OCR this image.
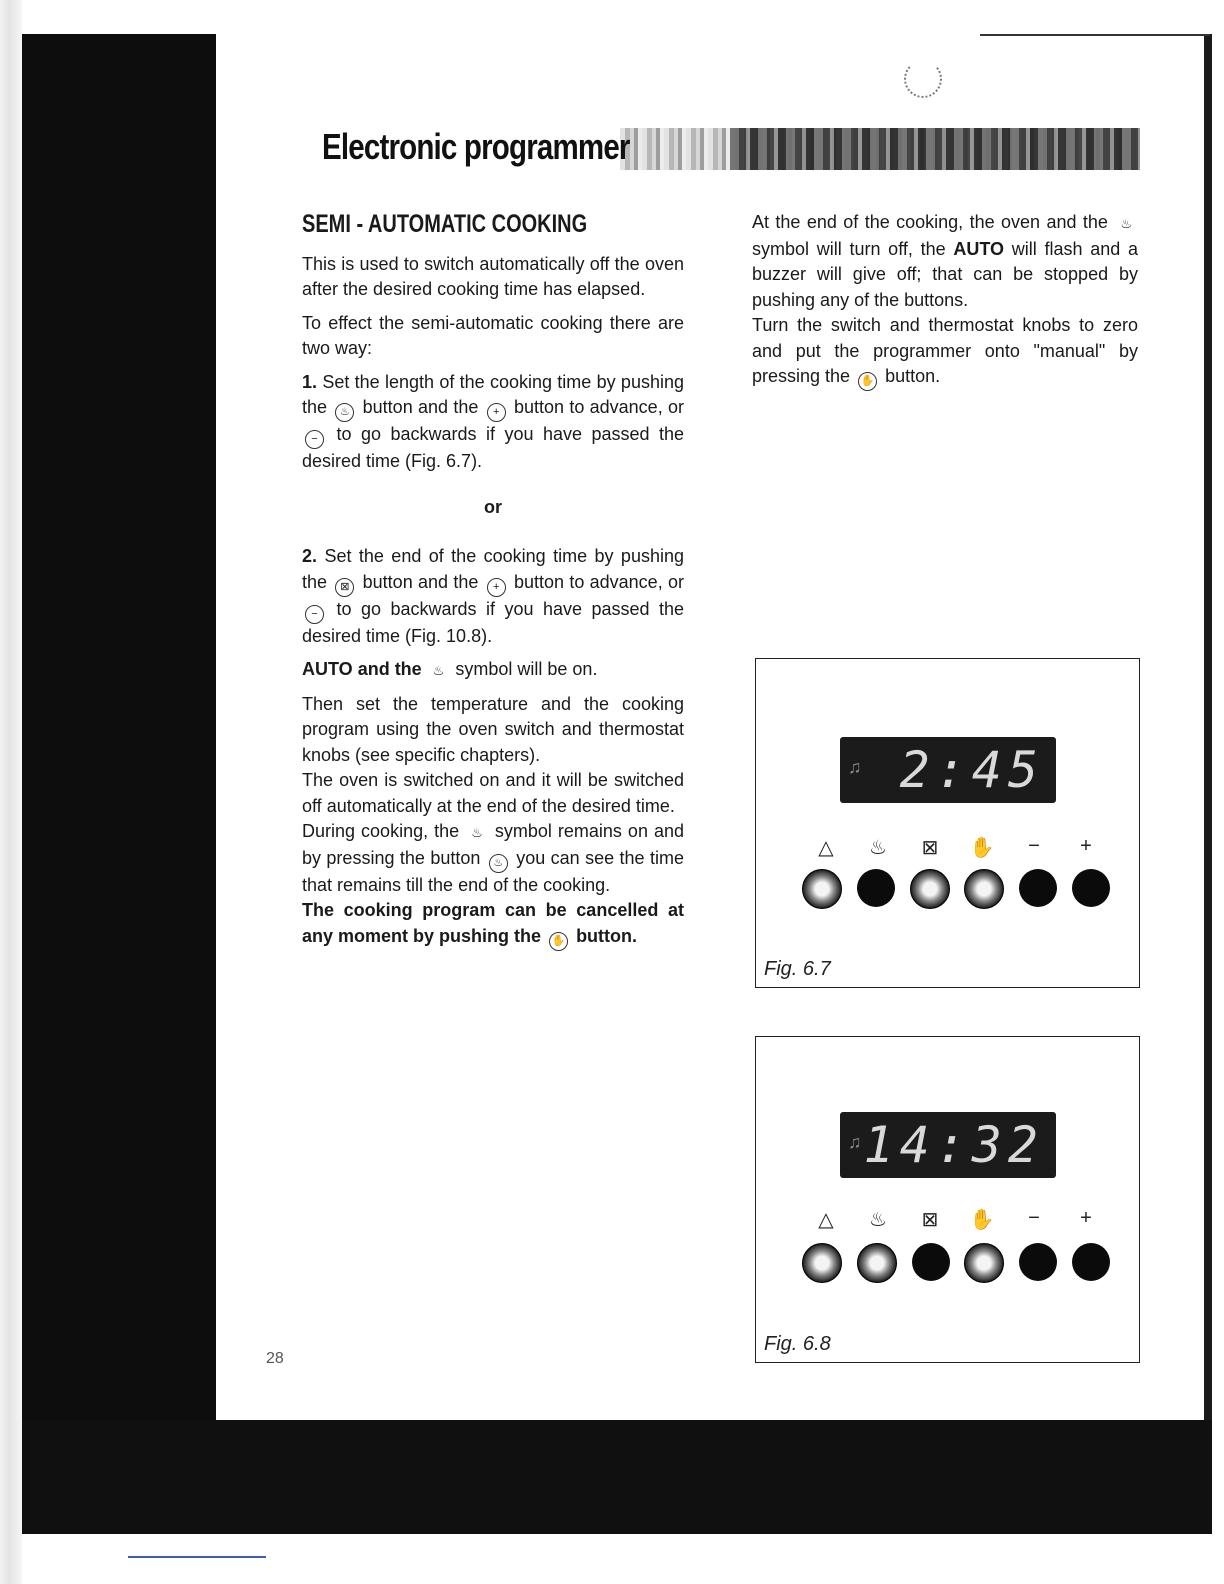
Electronic programmer
SEMI - AUTOMATIC COOKING

This is used to switch automatically off the oven after the desired cooking time has elapsed.

To effect the semi-automatic cooking there are two way:

1. Set the length of the cooking time by pushing the ♨ button and the + button to advance, or − to go backwards if you have passed the desired time (Fig. 6.7).

or

2. Set the end of the cooking time by pushing the ⊠ button and the + button to advance, or − to go backwards if you have passed the desired time (Fig. 10.8).

AUTO and the ♨ symbol will be on.

Then set the temperature and the cooking program using the oven switch and thermostat knobs (see specific chapters).

The oven is switched on and it will be switched off automatically at the end of the desired time.

During cooking, the ♨ symbol remains on and by pressing the button ♨ you can see the time that remains till the end of the cooking.

The cooking program can be cancelled at any moment by pushing the ✋ button.

At the end of the cooking, the oven and the ♨ symbol will turn off, the AUTO will flash and a buzzer will give off; that can be stopped by pushing any of the buttons.

Turn the switch and thermostat knobs to zero and put the programmer onto "manual" by pressing the ✋ button.

♫ 2:45
△	♨	⊠	✋	−	+
Fig. 6.7
♫ 14:32
△	♨	⊠	✋	−	+
Fig. 6.8
28
